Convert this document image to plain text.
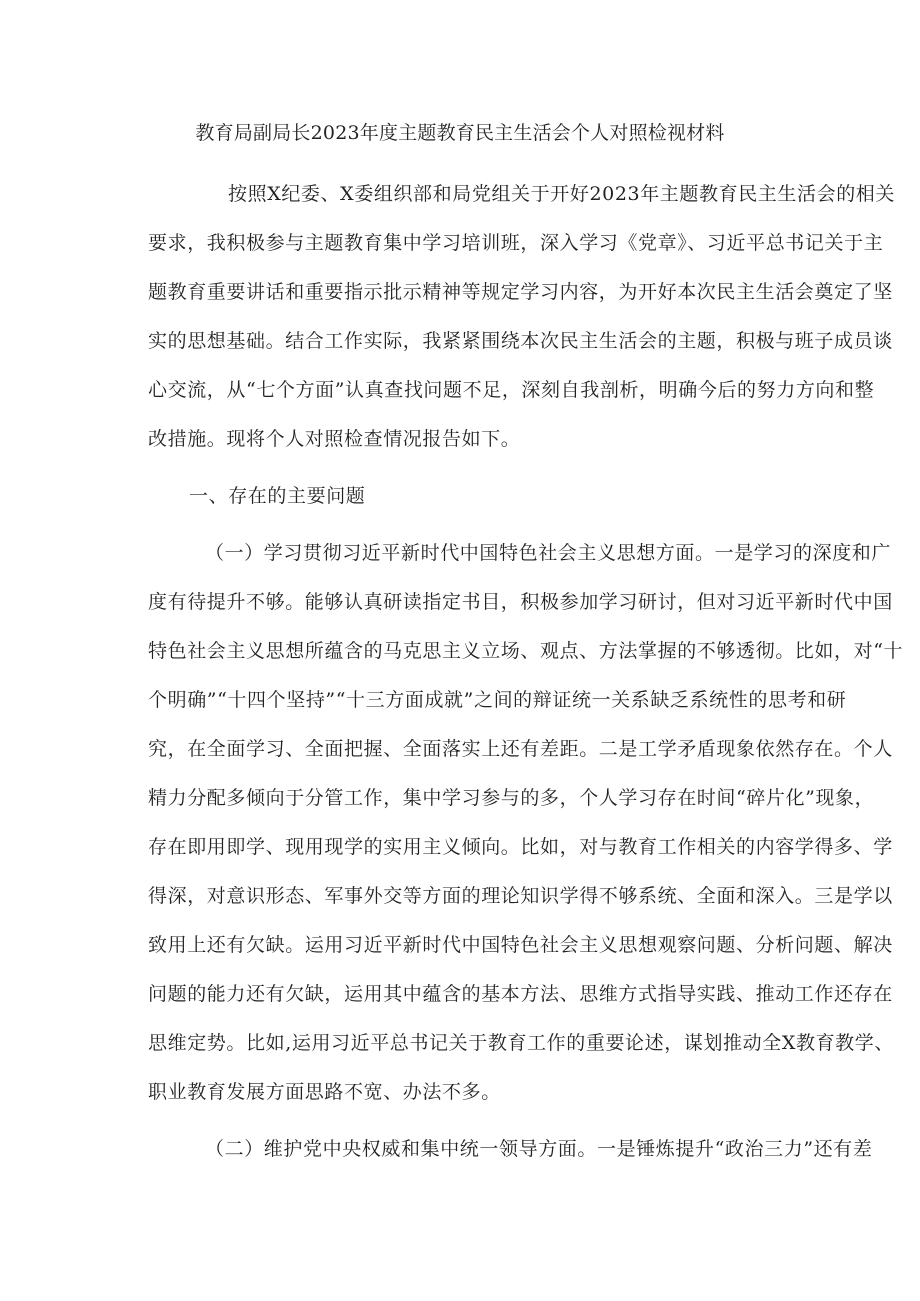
教育局副局长2023年度主题教育民主生活会个人对照检视材料
按照X纪委、X委组织部和局党组关于开好2023年主题教育民主生活会的相关
要求，我积极参与主题教育集中学习培训班，深入学习《党章》、习近平总书记关于主
题教育重要讲话和重要指示批示精神等规定学习内容，为开好本次民主生活会奠定了坚
实的思想基础。结合工作实际，我紧紧围绕本次民主生活会的主题，积极与班子成员谈
心交流，从“七个方面”认真查找问题不足，深刻自我剖析，明确今后的努力方向和整
改措施。现将个人对照检查情况报告如下。
一、存在的主要问题
（一）学习贯彻习近平新时代中国特色社会主义思想方面。一是学习的深度和广
度有待提升不够。能够认真研读指定书目，积极参加学习研讨，但对习近平新时代中国
特色社会主义思想所蕴含的马克思主义立场、观点、方法掌握的不够透彻。比如，对“十
个明确”“十四个坚持”“十三方面成就”之间的辩证统一关系缺乏系统性的思考和研
究，在全面学习、全面把握、全面落实上还有差距。二是工学矛盾现象依然存在。个人
精力分配多倾向于分管工作，集中学习参与的多，个人学习存在时间“碎片化”现象，
存在即用即学、现用现学的实用主义倾向。比如，对与教育工作相关的内容学得多、学
得深，对意识形态、军事外交等方面的理论知识学得不够系统、全面和深入。三是学以
致用上还有欠缺。运用习近平新时代中国特色社会主义思想观察问题、分析问题、解决
问题的能力还有欠缺，运用其中蕴含的基本方法、思维方式指导实践、推动工作还存在
思维定势。比如,运用习近平总书记关于教育工作的重要论述，谋划推动全X教育教学、
职业教育发展方面思路不宽、办法不多。
（二）维护党中央权威和集中统一领导方面。一是锤炼提升“政治三力”还有差
